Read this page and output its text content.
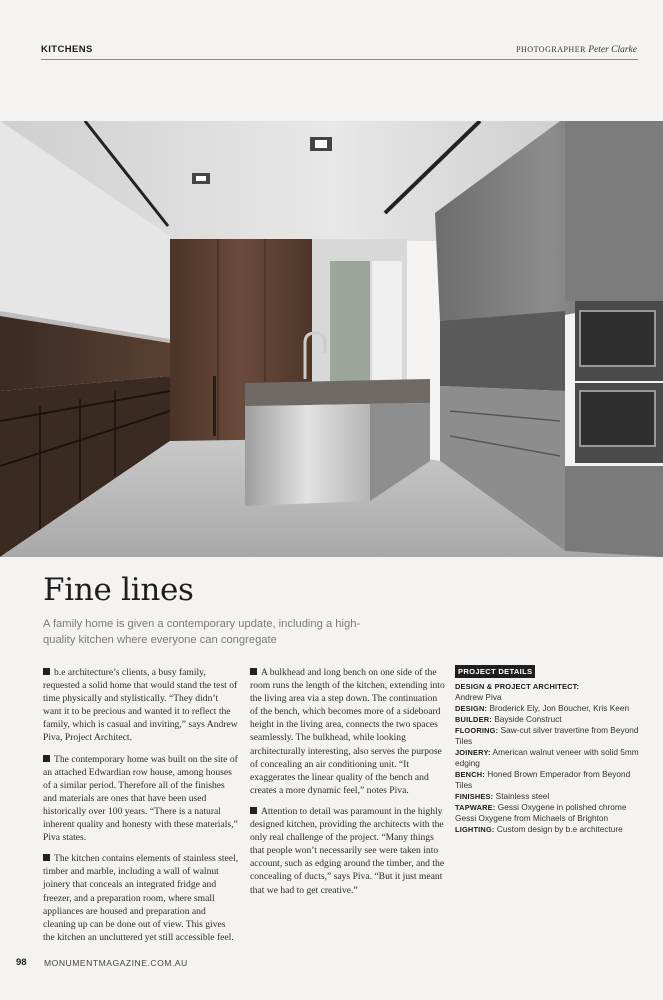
KITCHENS	PHOTOGRAPHER Peter Clarke
Fine lines
A family home is given a contemporary update, including a high-quality kitchen where everyone can congregate

b.e architecture’s clients, a busy family, requested a solid home that would stand the test of time physically and stylistically. “They didn’t want it to be precious and wanted it to reflect the family, which is casual and inviting,” says Andrew Piva, Project Architect.

The contemporary home was built on the site of an attached Edwardian row house, among houses of a similar period. Therefore all of the finishes and materials are ones that have been used historically over 100 years. “There is a natural inherent quality and honesty with these materials,” Piva states.

The kitchen contains elements of stainless steel, timber and marble, including a wall of walnut joinery that conceals an integrated fridge and freezer, and a preparation room, where small appliances are housed and preparation and cleaning up can be done out of view. This gives the kitchen an uncluttered yet still accessible feel.

A bulkhead and long bench on one side of the room runs the length of the kitchen, extending into the living area via a step down. The continuation of the bench, which becomes more of a sideboard height in the living area, connects the two spaces seamlessly. The bulkhead, while looking architecturally interesting, also serves the purpose of concealing an air conditioning unit. “It exaggerates the linear quality of the bench and creates a more dynamic feel,” notes Piva.

Attention to detail was paramount in the highly designed kitchen, providing the architects with the only real challenge of the project. “Many things that people won’t necessarily see were taken into account, such as edging around the timber, and the concealing of ducts,” says Piva. “But it just meant that we had to get creative.”

PROJECT DETAILS

DESIGN & PROJECT ARCHITECT:
Andrew Piva

DESIGN: Broderick Ely, Jon Boucher, Kris Keen

BUILDER: Bayside Construct

FLOORING: Saw-cut silver travertine from Beyond Tiles

JOINERY: American walnut veneer with solid 5mm edging

BENCH: Honed Brown Emperador from Beyond Tiles

FINISHES: Stainless steel

TAPWARE: Gessi Oxygene in polished chrome Gessi Oxygene from Michaels of Brighton

LIGHTING: Custom design by b.e architecture

98 MONUMENTMAGAZINE.COM.AU
